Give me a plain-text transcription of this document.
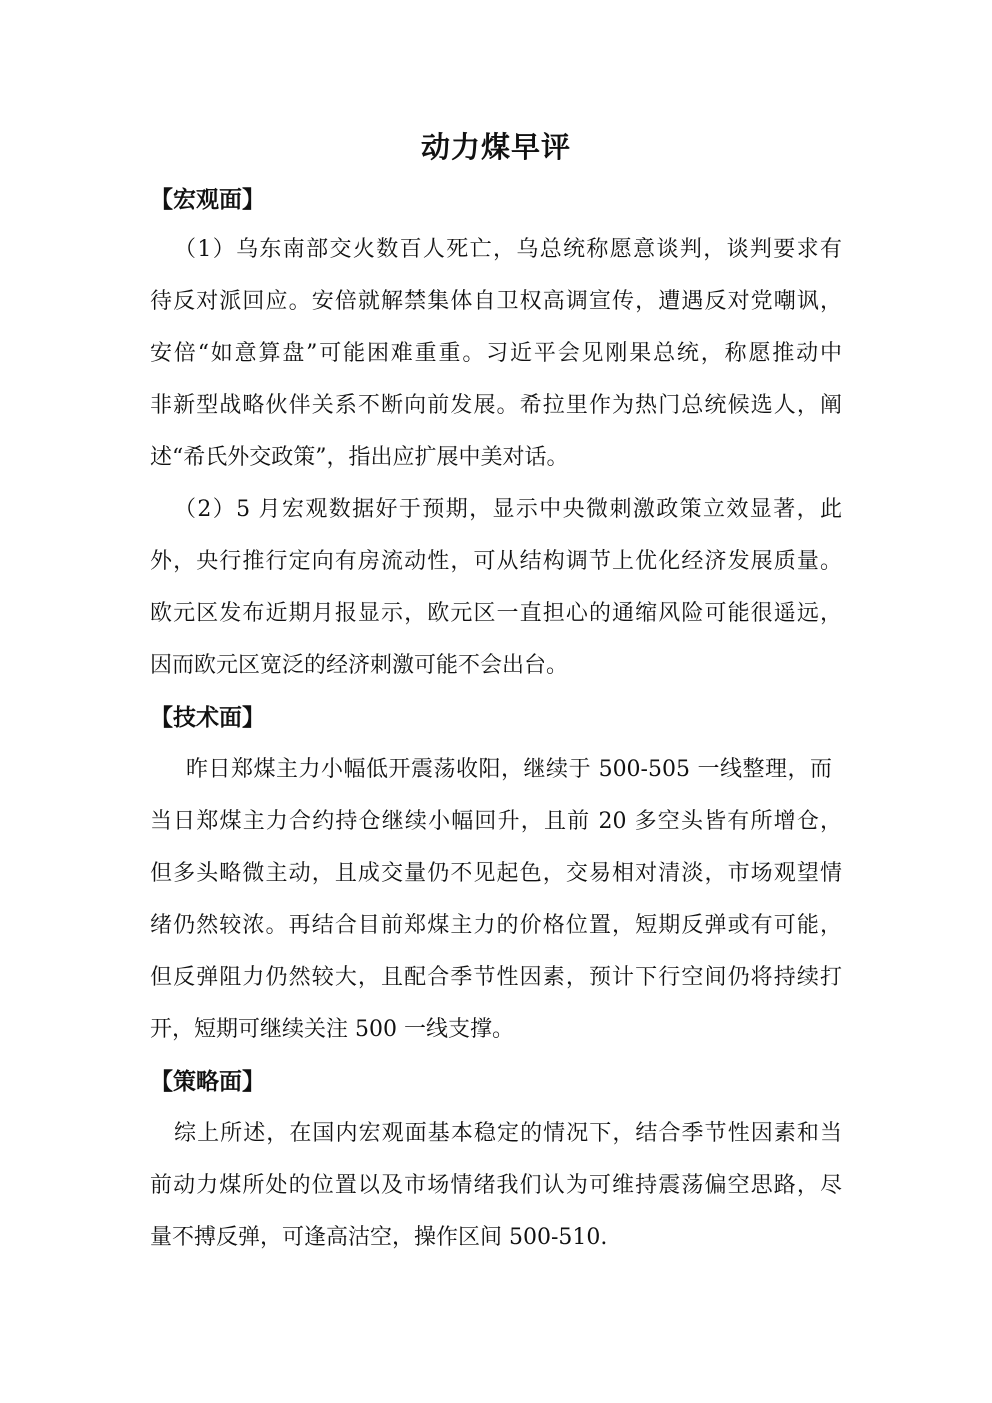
动力煤早评
【宏观面】
（1）乌东南部交火数百人死亡，乌总统称愿意谈判，谈判要求有
待反对派回应。安倍就解禁集体自卫权高调宣传，遭遇反对党嘲讽，
安倍“如意算盘”可能困难重重。习近平会见刚果总统，称愿推动中
非新型战略伙伴关系不断向前发展。希拉里作为热门总统候选人，阐
述“希氏外交政策”，指出应扩展中美对话。
（2）5 月宏观数据好于预期，显示中央微刺激政策立效显著，此
外，央行推行定向有房流动性，可从结构调节上优化经济发展质量。
欧元区发布近期月报显示，欧元区一直担心的通缩风险可能很遥远，
因而欧元区宽泛的经济刺激可能不会出台。
【技术面】
昨日郑煤主力小幅低开震荡收阳，继续于 500-505 一线整理，而
当日郑煤主力合约持仓继续小幅回升，且前 20 多空头皆有所增仓，
但多头略微主动，且成交量仍不见起色，交易相对清淡，市场观望情
绪仍然较浓。再结合目前郑煤主力的价格位置，短期反弹或有可能，
但反弹阻力仍然较大，且配合季节性因素，预计下行空间仍将持续打
开，短期可继续关注 500 一线支撑。
【策略面】
综上所述，在国内宏观面基本稳定的情况下，结合季节性因素和当
前动力煤所处的位置以及市场情绪我们认为可维持震荡偏空思路，尽
量不搏反弹，可逢高沽空，操作区间 500-510.
